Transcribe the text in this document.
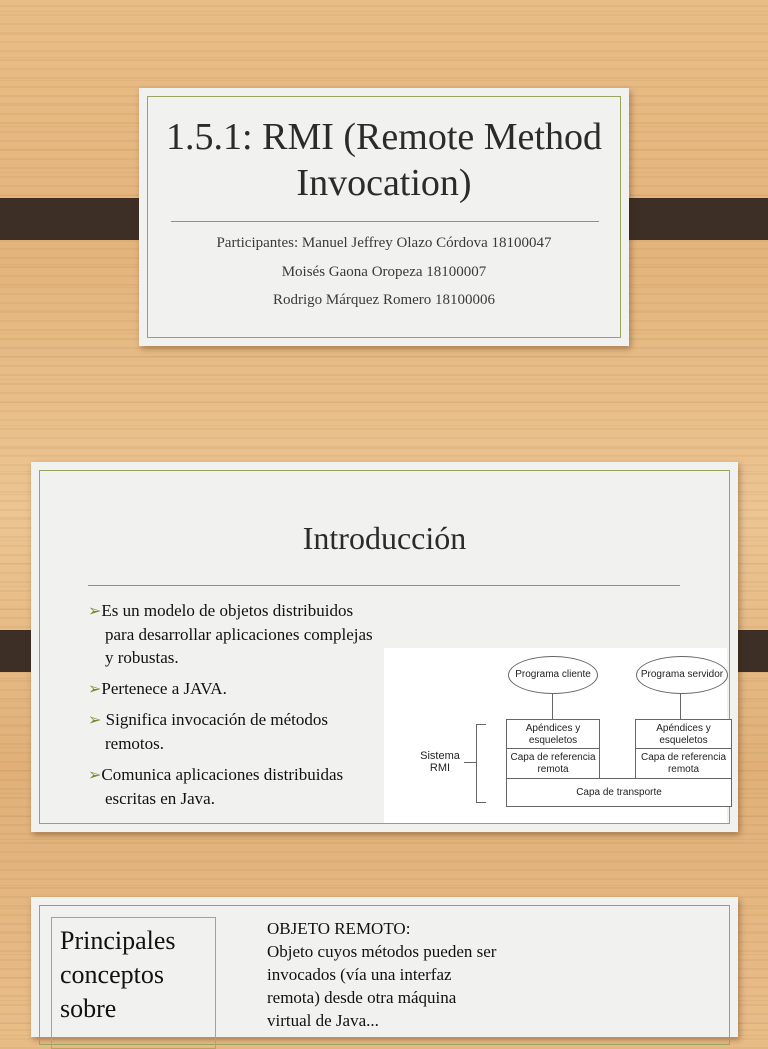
1.5.1: RMI (Remote Method Invocation)
Participantes: Manuel Jeffrey Olazo Córdova 18100047
Moisés Gaona Oropeza 18100007
Rodrigo Márquez Romero 18100006
Introducción
➢Es un modelo de objetos distribuidos
para desarrollar aplicaciones complejas
y robustas.
➢Pertenece a JAVA.
➢ Significa invocación de métodos
remotos.
➢Comunica aplicaciones distribuidas
escritas en Java.
Programa cliente	Programa servidor
Apéndices y esqueletos
Capa de referencia remota
Apéndices y esqueletos
Capa de referencia remota
Capa de transporte
Sistema
RMI
Principales
conceptos
sobre
OBJETO REMOTO:
Objeto cuyos métodos pueden ser
invocados (vía una interfaz
remota) desde otra máquina
virtual de Java...
